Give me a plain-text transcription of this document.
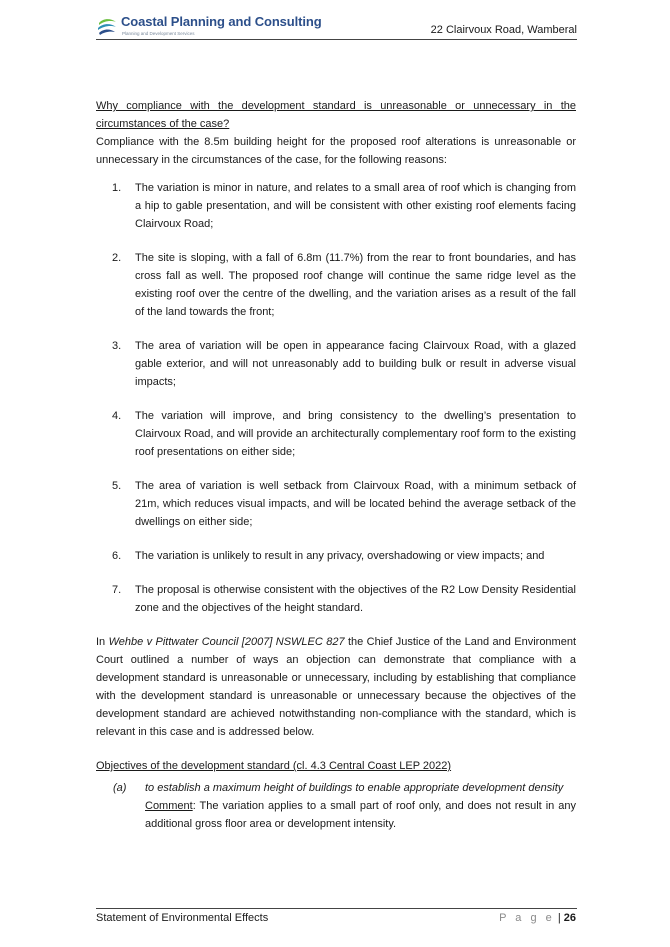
Coastal Planning and Consulting
Planning and Development Services	22 Clairvoux Road, Wamberal

Why compliance with the development standard is unreasonable or unnecessary in the circumstances of the case?

Compliance with the 8.5m building height for the proposed roof alterations is unreasonable or unnecessary in the circumstances of the case, for the following reasons:

1. The variation is minor in nature, and relates to a small area of roof which is changing from a hip to gable presentation, and will be consistent with other existing roof elements facing Clairvoux Road;
2. The site is sloping, with a fall of 6.8m (11.7%) from the rear to front boundaries, and has cross fall as well. The proposed roof change will continue the same ridge level as the existing roof over the centre of the dwelling, and the variation arises as a result of the fall of the land towards the front;
3. The area of variation will be open in appearance facing Clairvoux Road, with a glazed gable exterior, and will not unreasonably add to building bulk or result in adverse visual impacts;
4. The variation will improve, and bring consistency to the dwelling’s presentation to Clairvoux Road, and will provide an architecturally complementary roof form to the existing roof presentations on either side;
5. The area of variation is well setback from Clairvoux Road, with a minimum setback of 21m, which reduces visual impacts, and will be located behind the average setback of the dwellings on either side;
6. The variation is unlikely to result in any privacy, overshadowing or view impacts; and
7. The proposal is otherwise consistent with the objectives of the R2 Low Density Residential zone and the objectives of the height standard.

In Wehbe v Pittwater Council [2007] NSWLEC 827 the Chief Justice of the Land and Environment Court outlined a number of ways an objection can demonstrate that compliance with a development standard is unreasonable or unnecessary, including by establishing that compliance with the development standard is unreasonable or unnecessary because the objectives of the development standard are achieved notwithstanding non-compliance with the standard, which is relevant in this case and is addressed below.

Objectives of the development standard (cl. 4.3 Central Coast LEP 2022)

(a) to establish a maximum height of buildings to enable appropriate development density
Comment: The variation applies to a small part of roof only, and does not result in any additional gross floor area or development intensity.
Statement of Environmental Effects	P a g e | 26
